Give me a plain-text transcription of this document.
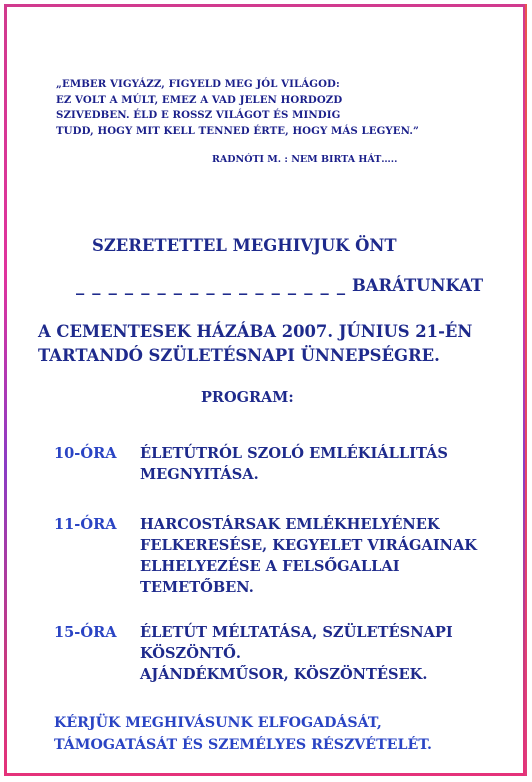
„EMBER VIGYÁZZ, FIGYELD MEG JÓL VILÁGOD:
EZ VOLT A MÚLT, EMEZ A VAD JELEN HORDOZD
SZIVEDBEN. ÉLD E ROSSZ VILÁGOT ÉS MINDIG
TUDD, HOGY MIT KELL TENNED ÉRTE, HOGY MÁS LEGYEN.”
RADNÓTI M. : NEM BIRTA HÁT…..
SZERETETTEL MEGHIVJUK ÖNT
_ _ _ _ _ _ _ _ _ _ _ _ _ _ _ _ _ BARÁTUNKAT
A CEMENTESEK HÁZÁBA 2007. JÚNIUS 21-ÉN
TARTANDÓ SZÜLETÉSNAPI ÜNNEPSÉGRE.
PROGRAM:
10-ÓRA ÉLETÚTRÓL SZOLÓ EMLÉKIÁLLITÁS
MEGNYITÁSA.
11-ÓRA HARCOSTÁRSAK EMLÉKHELYÉNEK
FELKERESÉSE, KEGYELET VIRÁGAINAK
ELHELYEZÉSE A FELSŐGALLAI
TEMETŐBEN.
15-ÓRA ÉLETÚT MÉLTATÁSA, SZÜLETÉSNAPI
KÖSZÖNTŐ.
AJÁNDÉKMŰSOR, KÖSZÖNTÉSEK.
KÉRJÜK MEGHIVÁSUNK ELFOGADÁSÁT,
TÁMOGATÁSÁT ÉS SZEMÉLYES RÉSZVÉTELÉT.
